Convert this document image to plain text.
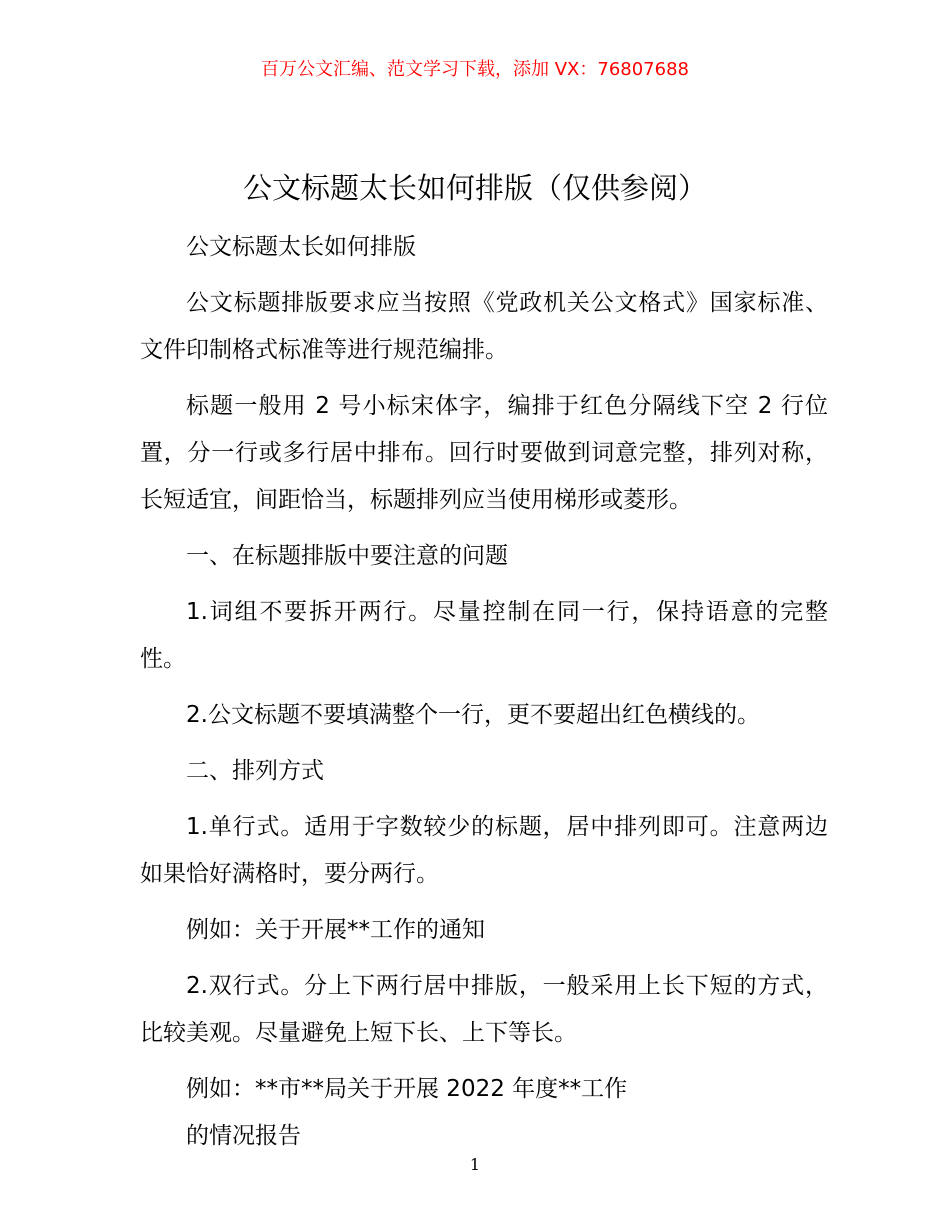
百万公文汇编、范文学习下载，添加 VX：76807688
公文标题太长如何排版（仅供参阅）

公文标题太长如何排版

公文标题排版要求应当按照《党政机关公文格式》国家标准、文件印制格式标准等进行规范编排。

标题一般用 2 号小标宋体字，编排于红色分隔线下空 2 行位置，分一行或多行居中排布。回行时要做到词意完整，排列对称，长短适宜，间距恰当，标题排列应当使用梯形或菱形。

一、在标题排版中要注意的问题

1.词组不要拆开两行。尽量控制在同一行，保持语意的完整性。

2.公文标题不要填满整个一行，更不要超出红色横线的。

二、排列方式

1.单行式。适用于字数较少的标题，居中排列即可。注意两边如果恰好满格时，要分两行。

例如：关于开展**工作的通知

2.双行式。分上下两行居中排版，一般采用上长下短的方式，比较美观。尽量避免上短下长、上下等长。

例如：**市**局关于开展 2022 年度**工作
的情况报告

1
